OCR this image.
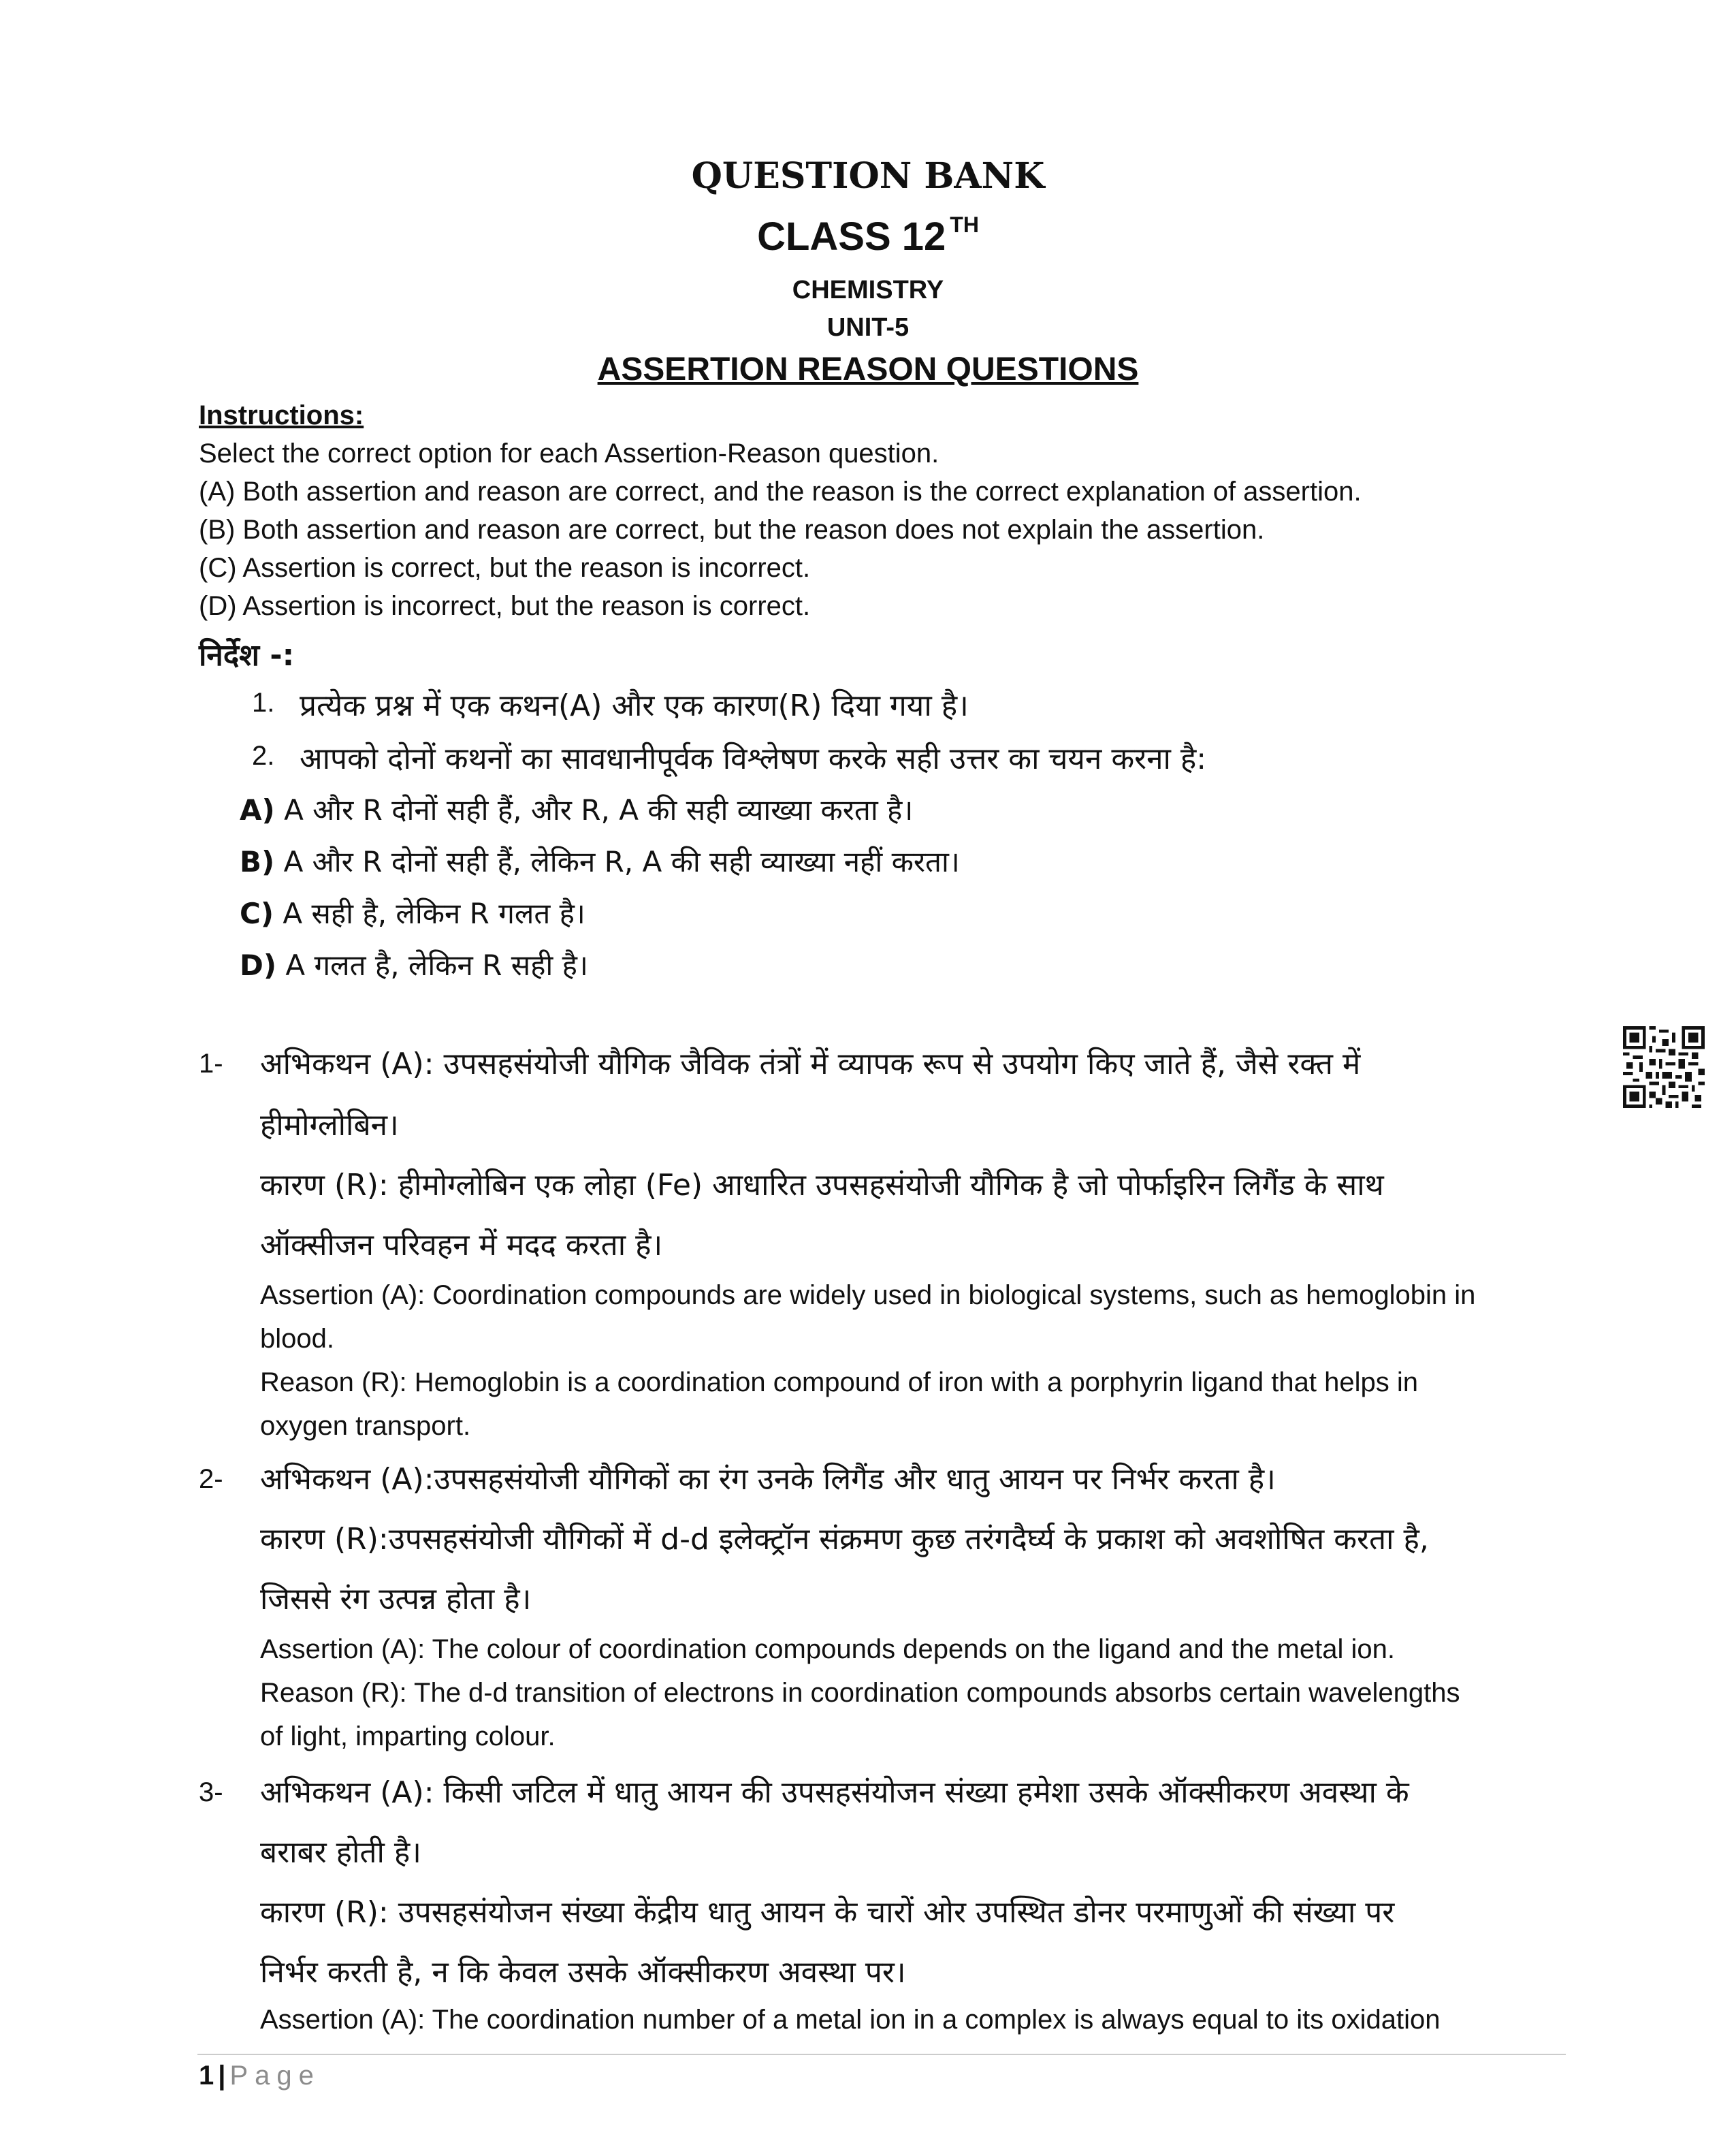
QUESTION BANK
CLASS 12 $^{TH}$
CHEMISTRY
UNIT-5
ASSERTION REASON QUESTIONS
Instructions:
Select the correct option for each Assertion-Reason question.
(A) Both assertion and reason are correct, and the reason is the correct explanation of assertion.
(B) Both assertion and reason are correct, but the reason does not explain the assertion.
(C) Assertion is correct, but the reason is incorrect.
(D) Assertion is incorrect, but the reason is correct.
निर्देश -:
1. प्रत्येक प्रश्न में एक कथन(A) और एक कारण(R) दिया गया है।
2. आपको दोनों कथनों का सावधानीपूर्वक विश्लेषण करके सही उत्तर का चयन करना है:
A) A और R दोनों सही हैं, और R, A की सही व्याख्या करता है।
B) A और R दोनों सही हैं, लेकिन R, A की सही व्याख्या नहीं करता।
C) A सही है, लेकिन R गलत है।
D) A गलत है, लेकिन R सही है।
1- अभिकथन (A): उपसहसंयोजी यौगिक जैविक तंत्रों में व्यापक रूप से उपयोग किए जाते हैं, जैसे रक्त में
हीमोग्लोबिन।
कारण (R): हीमोग्लोबिन एक लोहा (Fe) आधारित उपसहसंयोजी यौगिक है जो पोर्फाइरिन लिगैंड के साथ
ऑक्सीजन परिवहन में मदद करता है।
Assertion (A): Coordination compounds are widely used in biological systems, such as hemoglobin in
blood.
Reason (R): Hemoglobin is a coordination compound of iron with a porphyrin ligand that helps in
oxygen transport.
2- अभिकथन (A):उपसहसंयोजी यौगिकों का रंग उनके लिगैंड और धातु आयन पर निर्भर करता है।
कारण (R):उपसहसंयोजी यौगिकों में d-d इलेक्ट्रॉन संक्रमण कुछ तरंगदैर्घ्य के प्रकाश को अवशोषित करता है,
जिससे रंग उत्पन्न होता है।
Assertion (A): The colour of coordination compounds depends on the ligand and the metal ion.
Reason (R): The d-d transition of electrons in coordination compounds absorbs certain wavelengths
of light, imparting colour.
3- अभिकथन (A): किसी जटिल में धातु आयन की उपसहसंयोजन संख्या हमेशा उसके ऑक्सीकरण अवस्था के
बराबर होती है।
कारण (R): उपसहसंयोजन संख्या केंद्रीय धातु आयन के चारों ओर उपस्थित डोनर परमाणुओं की संख्या पर
निर्भर करती है, न कि केवल उसके ऑक्सीकरण अवस्था पर।
Assertion (A): The coordination number of a metal ion in a complex is always equal to its oxidation
1 | Page
